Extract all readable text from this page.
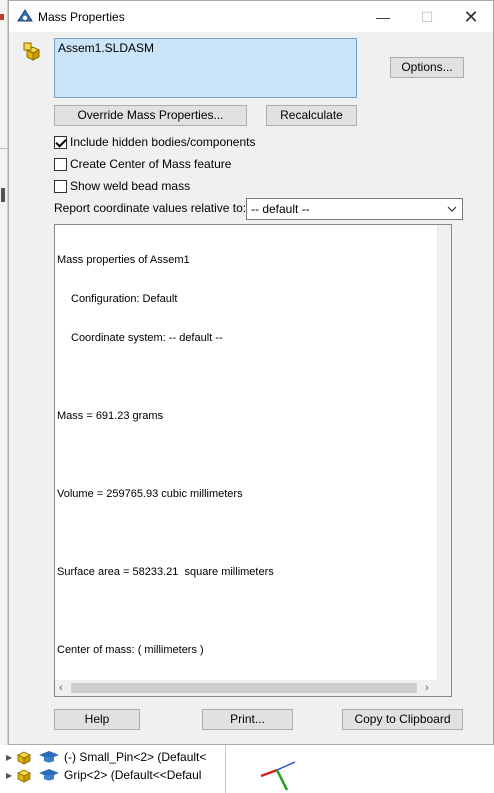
Mass Properties	—	☐	✕
Assem1.SLDASM
Options...
Override Mass Properties...	Recalculate
Include hidden bodies/components
Create Center of Mass feature
Show weld bead mass
Report coordinate values relative to: -- default --

Mass properties of Assem1

Configuration: Default

Coordinate system: -- default --

Mass = 691.23 grams

Volume = 259765.93 cubic millimeters

Surface area = 58233.21  square millimeters

Center of mass: ( millimeters )

‹	›
Help	Print...	Copy to Clipboard
▶	(-) Small_Pin<2> (Default<
▶	Grip<2> (Default<<Defaul
